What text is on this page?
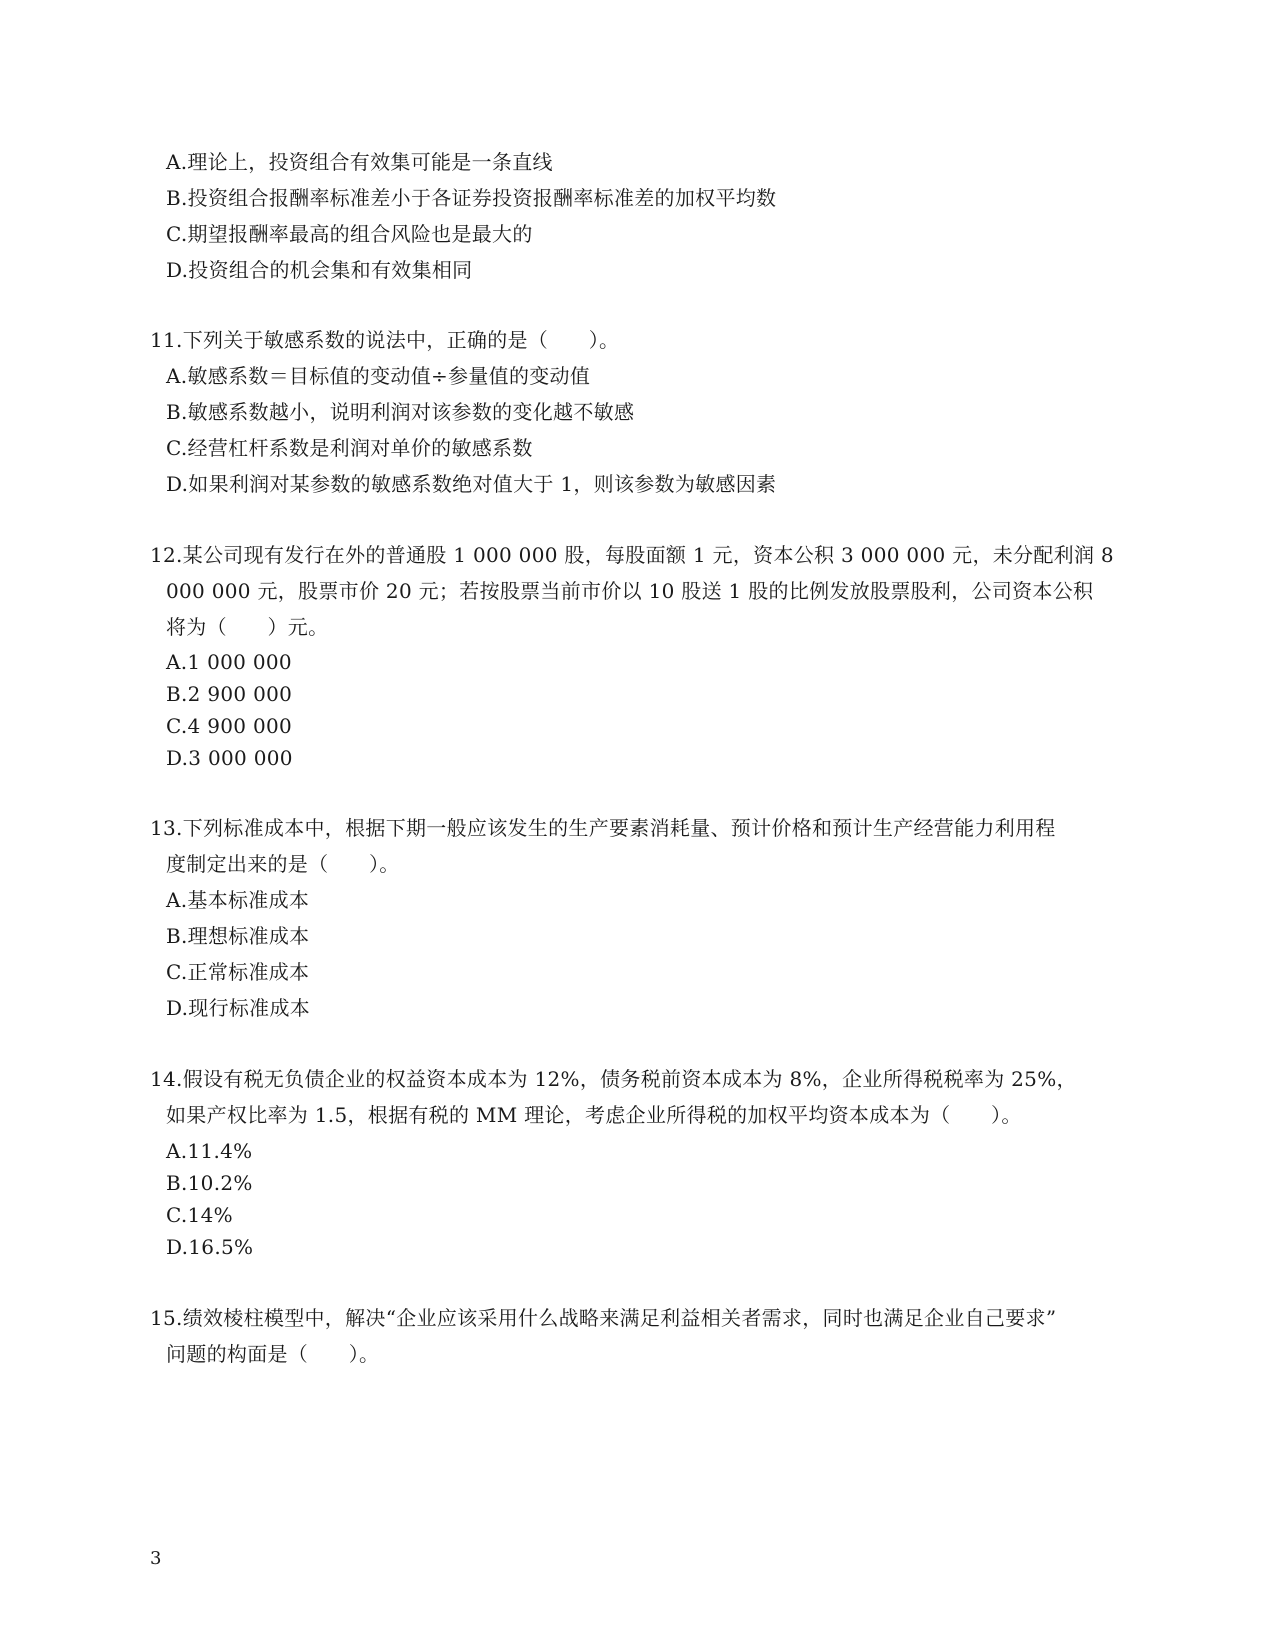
A.理论上，投资组合有效集可能是一条直线
B.投资组合报酬率标准差小于各证券投资报酬率标准差的加权平均数
C.期望报酬率最高的组合风险也是最大的
D.投资组合的机会集和有效集相同
11.下列关于敏感系数的说法中，正确的是（　　）。
A.敏感系数＝目标值的变动值÷参量值的变动值
B.敏感系数越小，说明利润对该参数的变化越不敏感
C.经营杠杆系数是利润对单价的敏感系数
D.如果利润对某参数的敏感系数绝对值大于 1，则该参数为敏感因素
12.某公司现有发行在外的普通股 1 000 000 股，每股面额 1 元，资本公积 3 000 000 元，未分配利润 8
000 000 元，股票市价 20 元；若按股票当前市价以 10 股送 1 股的比例发放股票股利，公司资本公积
将为（　　）元。
A.1 000 000
B.2 900 000
C.4 900 000
D.3 000 000
13.下列标准成本中，根据下期一般应该发生的生产要素消耗量、预计价格和预计生产经营能力利用程
度制定出来的是（　　）。
A.基本标准成本
B.理想标准成本
C.正常标准成本
D.现行标准成本
14.假设有税无负债企业的权益资本成本为 12%，债务税前资本成本为 8%，企业所得税税率为 25%，
如果产权比率为 1.5，根据有税的 MM 理论，考虑企业所得税的加权平均资本成本为（　　）。
A.11.4%
B.10.2%
C.14%
D.16.5%
15.绩效棱柱模型中，解决“企业应该采用什么战略来满足利益相关者需求，同时也满足企业自己要求”
问题的构面是（　　）。
3
